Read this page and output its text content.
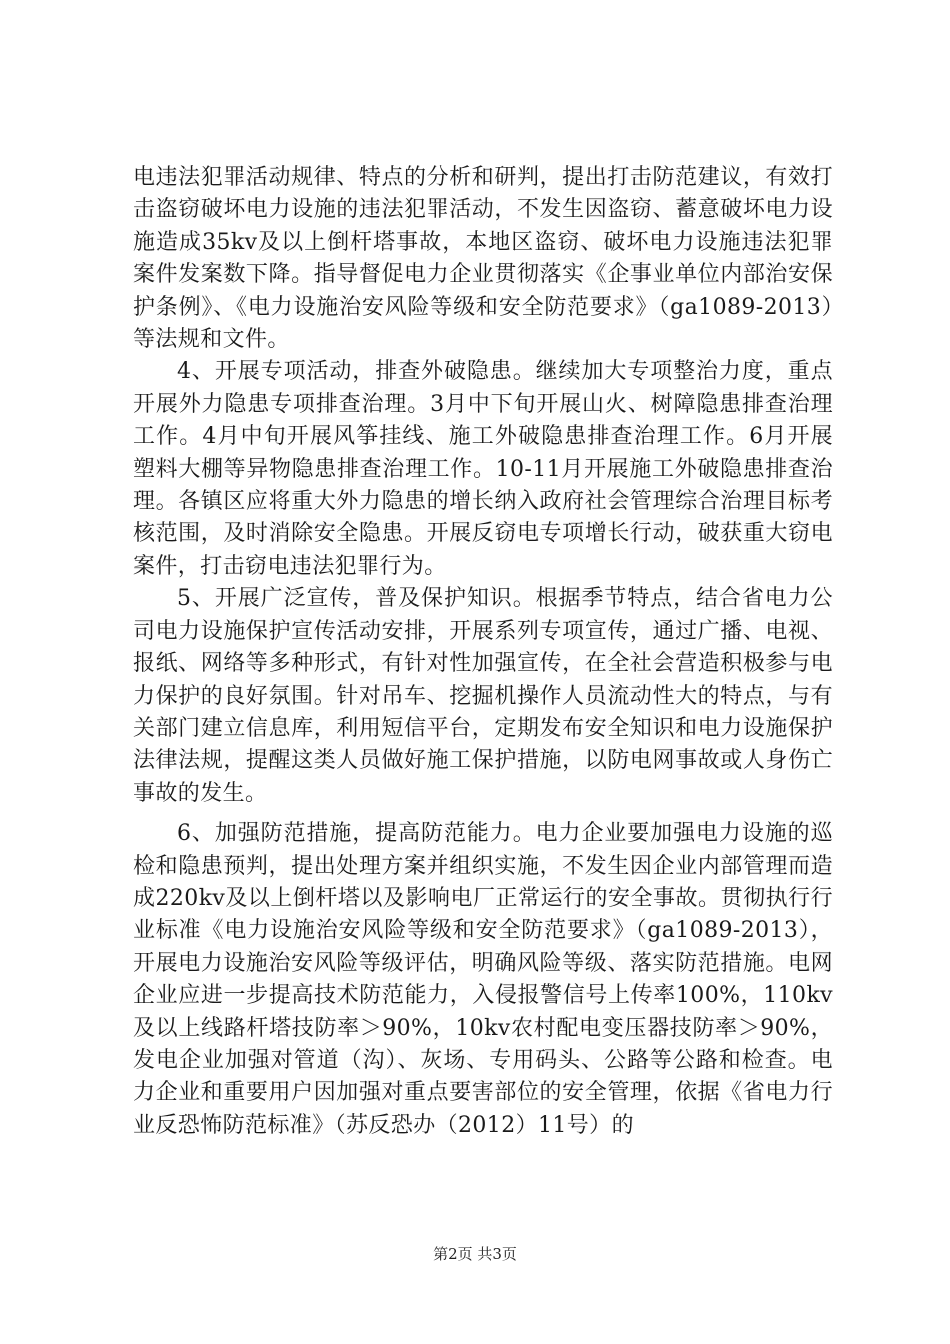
电违法犯罪活动规律、特点的分析和研判，提出打击防范建议，有效打击盗窃破坏电力设施的违法犯罪活动，不发生因盗窃、蓄意破坏电力设施造成35kv及以上倒杆塔事故，本地区盗窃、破坏电力设施违法犯罪案件发案数下降。指导督促电力企业贯彻落实《企事业单位内部治安保护条例》、《电力设施治安风险等级和安全防范要求》（ga1089-2013）等法规和文件。

4、开展专项活动，排查外破隐患。继续加大专项整治力度，重点开展外力隐患专项排查治理。3月中下旬开展山火、树障隐患排查治理工作。4月中旬开展风筝挂线、施工外破隐患排查治理工作。6月开展塑料大棚等异物隐患排查治理工作。10-11月开展施工外破隐患排查治理。各镇区应将重大外力隐患的增长纳入政府社会管理综合治理目标考核范围，及时消除安全隐患。开展反窃电专项增长行动，破获重大窃电案件，打击窃电违法犯罪行为。

5、开展广泛宣传，普及保护知识。根据季节特点，结合省电力公司电力设施保护宣传活动安排，开展系列专项宣传，通过广播、电视、报纸、网络等多种形式，有针对性加强宣传，在全社会营造积极参与电力保护的良好氛围。针对吊车、挖掘机操作人员流动性大的特点，与有关部门建立信息库，利用短信平台，定期发布安全知识和电力设施保护法律法规，提醒这类人员做好施工保护措施，以防电网事故或人身伤亡事故的发生。

6、加强防范措施，提高防范能力。电力企业要加强电力设施的巡检和隐患预判，提出处理方案并组织实施，不发生因企业内部管理而造成220kv及以上倒杆塔以及影响电厂正常运行的安全事故。贯彻执行行业标准《电力设施治安风险等级和安全防范要求》（ga1089-2013），开展电力设施治安风险等级评估，明确风险等级、落实防范措施。电网企业应进一步提高技术防范能力，入侵报警信号上传率100%，110kv及以上线路杆塔技防率＞90%，10kv农村配电变压器技防率＞90%，发电企业加强对管道（沟）、灰场、专用码头、公路等公路和检查。电力企业和重要用户因加强对重点要害部位的安全管理，依据《省电力行业反恐怖防范标准》（苏反恐办（2012）11号）的

第2页 共3页
